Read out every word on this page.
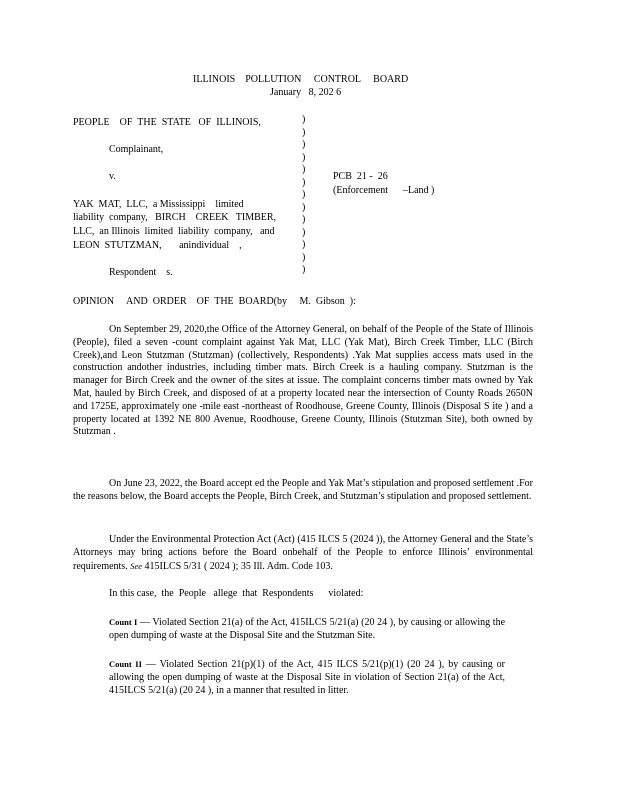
ILLINOIS    POLLUTION     CONTROL     BOARD
January   8, 202 6
PEOPLE    OF  THE  STATE   OF  ILLINOIS,
Complainant,
v.
YAK  MAT,  LLC,  a Mississippi    limited
liability  company,   BIRCH    CREEK   TIMBER,
LLC,  an Illinois  limited  liability  company,   and
LEON  STUTZMAN,       anindividual    ,
Respondent    s.
)
)
)
)
)
)
)
)
)
)
)
)
)
PCB  21 -  26
(Enforcement      –Land )
OPINION     AND  ORDER    OF  THE  BOARD(by     M.  Gibson  ):

On September 29, 2020,the Office of the Attorney General, on behalf of the People of the State of Illinois (People), filed a seven -count complaint against Yak Mat, LLC (Yak Mat), Birch Creek Timber, LLC (Birch Creek),and Leon Stutzman (Stutzman) (collectively, Respondents) .Yak Mat supplies access mats used in the construction andother industries, including timber mats. Birch Creek is a hauling company. Stutzman is the manager for Birch Creek and the owner of the sites at issue. The complaint concerns timber mats owned by Yak Mat, hauled by Birch Creek, and disposed of at a property located near the intersection of County Roads 2650N and 1725E, approximately one -mile east -northeast of Roodhouse, Greene County, Illinois (Disposal S ite ) and a property located at 1392 NE 800 Avenue, Roodhouse, Greene County, Illinois (Stutzman Site), both owned by Stutzman .

On June 23, 2022, the Board accept ed the People and Yak Mat’s stipulation and proposed settlement .For the reasons below, the Board accepts the People, Birch Creek, and Stutzman’s stipulation and proposed settlement.

Under the Environmental Protection Act (Act) (415 ILCS 5 (2024 )), the Attorney General and the State’s Attorneys may bring actions before the Board onbehalf of the People to enforce Illinois’ environmental requirements. See 415ILCS 5/31 ( 2024 ); 35 Ill. Adm. Code 103.

In this case,  the  People   allege  that  Respondents      violated:
Count I — Violated Section 21(a) of the Act, 415ILCS 5/21(a) (20 24 ), by causing or allowing the open dumping of waste at the Disposal Site and the Stutzman Site.
Count II — Violated Section 21(p)(1) of the Act, 415 ILCS 5/21(p)(1) (20 24 ), by causing or allowing the open dumping of waste at the Disposal Site in violation of Section 21(a) of the Act, 415ILCS 5/21(a) (20 24 ), in a manner that resulted in litter.
